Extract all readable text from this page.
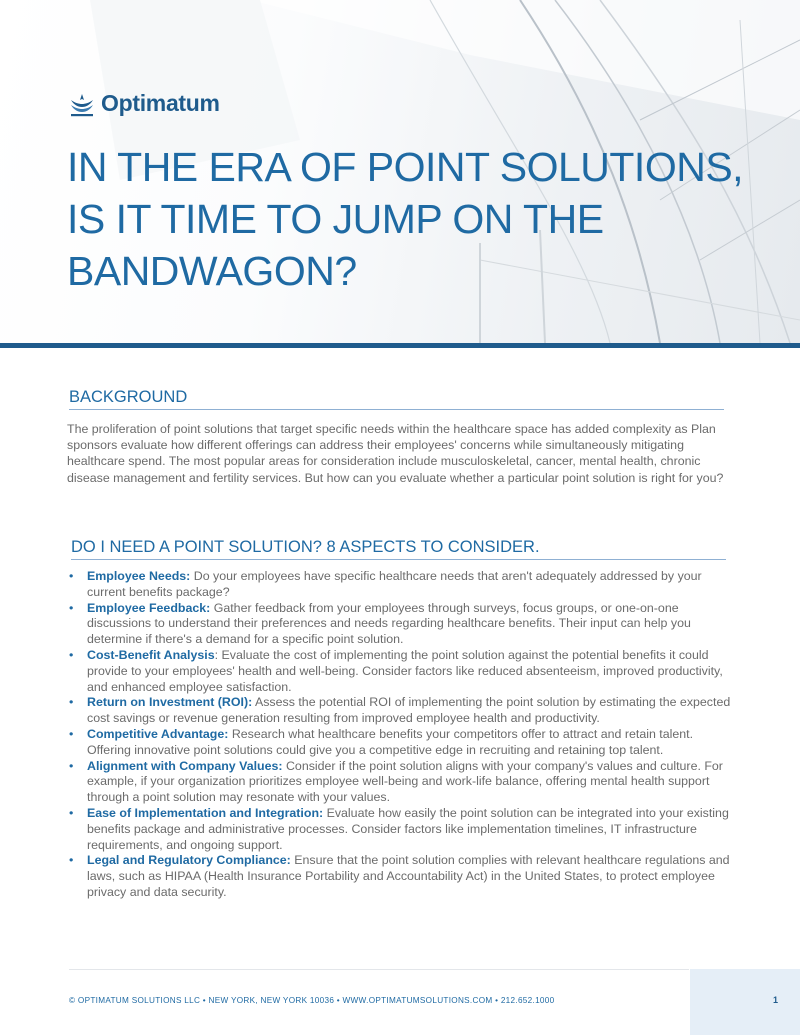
Optimatum
IN THE ERA OF POINT SOLUTIONS, IS IT TIME TO JUMP ON THE BANDWAGON?
BACKGROUND

The proliferation of point solutions that target specific needs within the healthcare space has added complexity as Plan sponsors evaluate how different offerings can address their employees' concerns while simultaneously mitigating healthcare spend. The most popular areas for consideration include musculoskeletal, cancer, mental health, chronic disease management and fertility services. But how can you evaluate whether a particular point solution is right for you?

DO I NEED A POINT SOLUTION? 8 ASPECTS TO CONSIDER.
• Employee Needs: Do your employees have specific healthcare needs that aren't adequately addressed by your current benefits package?
• Employee Feedback: Gather feedback from your employees through surveys, focus groups, or one-on-one discussions to understand their preferences and needs regarding healthcare benefits. Their input can help you determine if there's a demand for a specific point solution.
• Cost-Benefit Analysis: Evaluate the cost of implementing the point solution against the potential benefits it could provide to your employees' health and well-being. Consider factors like reduced absenteeism, improved productivity, and enhanced employee satisfaction.
• Return on Investment (ROI): Assess the potential ROI of implementing the point solution by estimating the expected cost savings or revenue generation resulting from improved employee health and productivity.
• Competitive Advantage: Research what healthcare benefits your competitors offer to attract and retain talent. Offering innovative point solutions could give you a competitive edge in recruiting and retaining top talent.
• Alignment with Company Values: Consider if the point solution aligns with your company's values and culture. For example, if your organization prioritizes employee well-being and work-life balance, offering mental health support through a point solution may resonate with your values.
• Ease of Implementation and Integration: Evaluate how easily the point solution can be integrated into your existing benefits package and administrative processes. Consider factors like implementation timelines, IT infrastructure requirements, and ongoing support.
• Legal and Regulatory Compliance: Ensure that the point solution complies with relevant healthcare regulations and laws, such as HIPAA (Health Insurance Portability and Accountability Act) in the United States, to protect employee privacy and data security.
© OPTIMATUM SOLUTIONS LLC • NEW YORK, NEW YORK 10036 • WWW.OPTIMATUMSOLUTIONS.COM • 212.652.1000	1
